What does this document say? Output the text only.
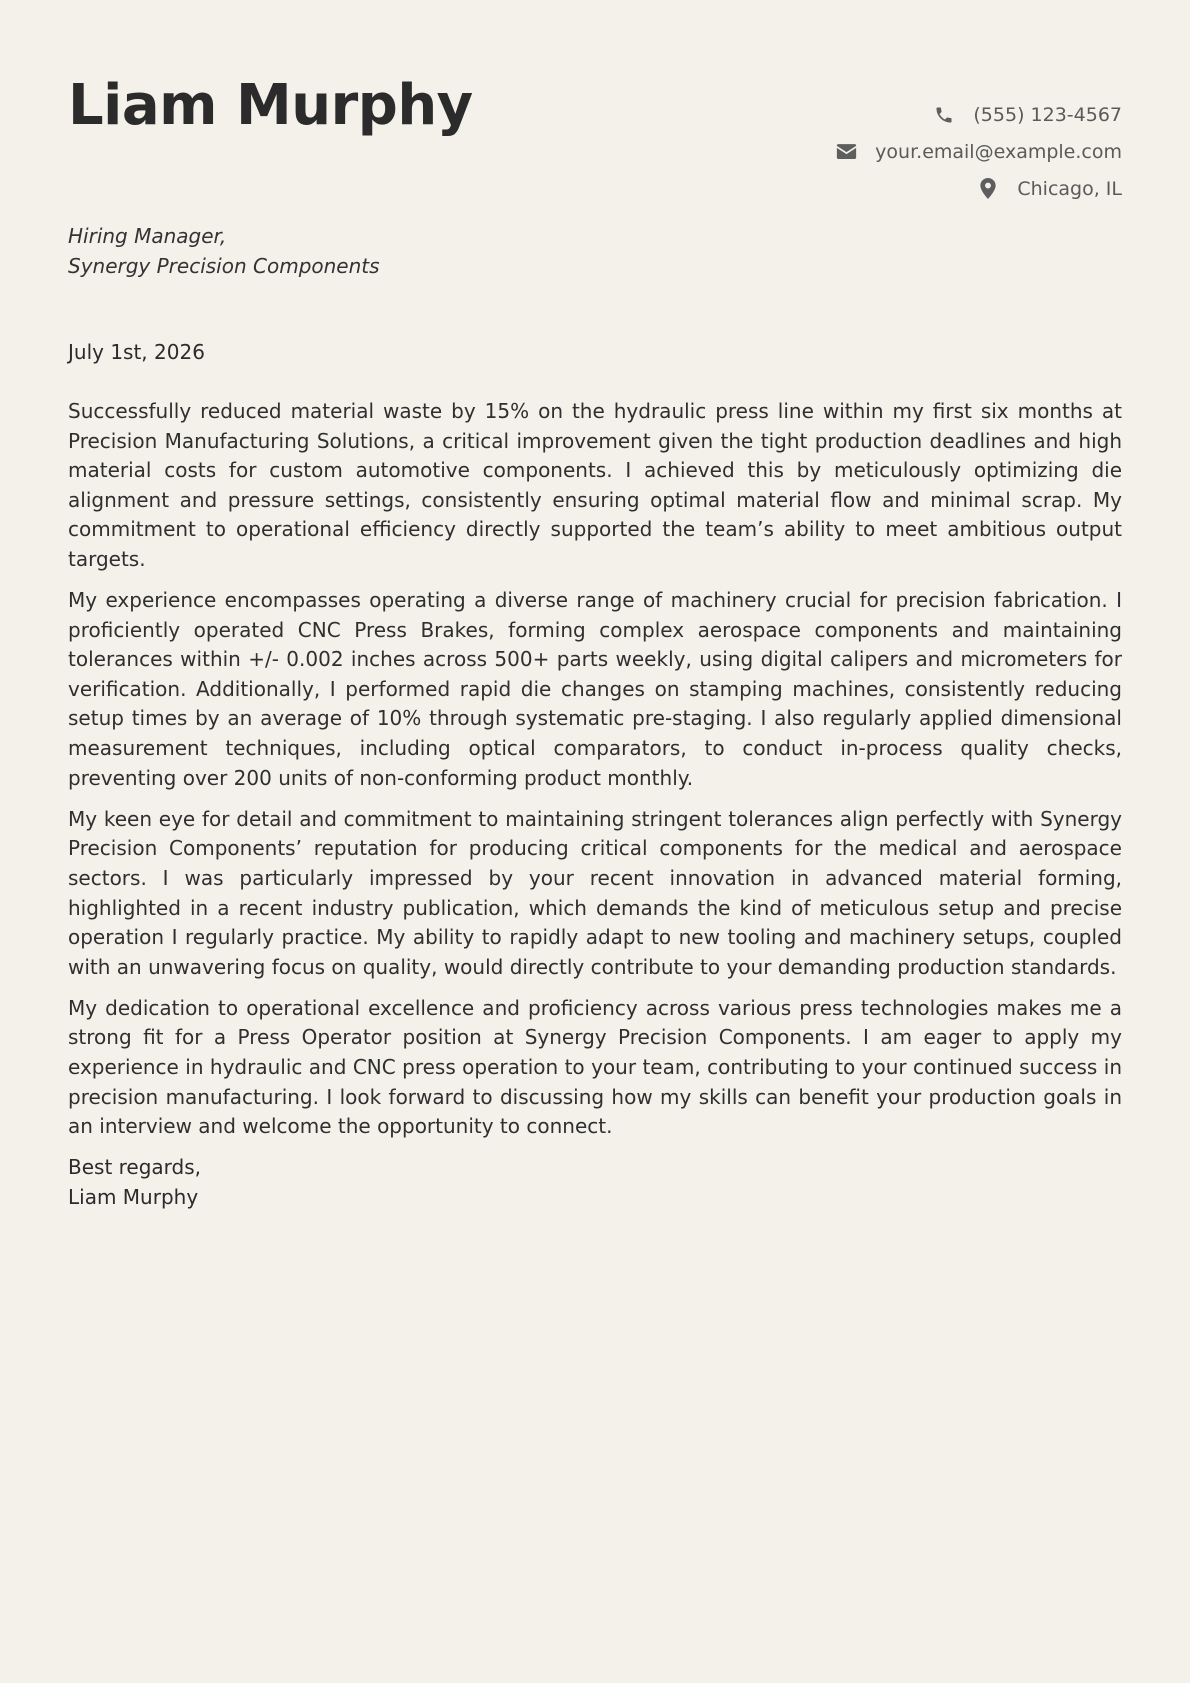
Liam Murphy	(555) 123-4567
your.email@example.com
Chicago, IL
Hiring Manager,
Synergy Precision Components
July 1st, 2026

Successfully reduced material waste by 15% on the hydraulic press line within my first six months at Precision Manufacturing Solutions, a critical improvement given the tight production deadlines and high material costs for custom automotive components. I achieved this by meticulously optimizing die alignment and pressure settings, consistently ensuring optimal material flow and minimal scrap. My commitment to operational efficiency directly supported the team’s ability to meet ambitious output targets.

My experience encompasses operating a diverse range of machinery crucial for precision fabrication. I proficiently operated CNC Press Brakes, forming complex aerospace components and maintaining tolerances within +/- 0.002 inches across 500+ parts weekly, using digital calipers and micrometers for verification. Additionally, I performed rapid die changes on stamping machines, consistently reducing setup times by an average of 10% through systematic pre-staging. I also regularly applied dimensional measurement techniques, including optical comparators, to conduct in-process quality checks, preventing over 200 units of non-conforming product monthly.

My keen eye for detail and commitment to maintaining stringent tolerances align perfectly with Synergy Precision Components’ reputation for producing critical components for the medical and aerospace sectors. I was particularly impressed by your recent innovation in advanced material forming, highlighted in a recent industry publication, which demands the kind of meticulous setup and precise operation I regularly practice. My ability to rapidly adapt to new tooling and machinery setups, coupled with an unwavering focus on quality, would directly contribute to your demanding production standards.

My dedication to operational excellence and proficiency across various press technologies makes me a strong fit for a Press Operator position at Synergy Precision Components. I am eager to apply my experience in hydraulic and CNC press operation to your team, contributing to your continued success in precision manufacturing. I look forward to discussing how my skills can benefit your production goals in an interview and welcome the opportunity to connect.

Best regards,
Liam Murphy
